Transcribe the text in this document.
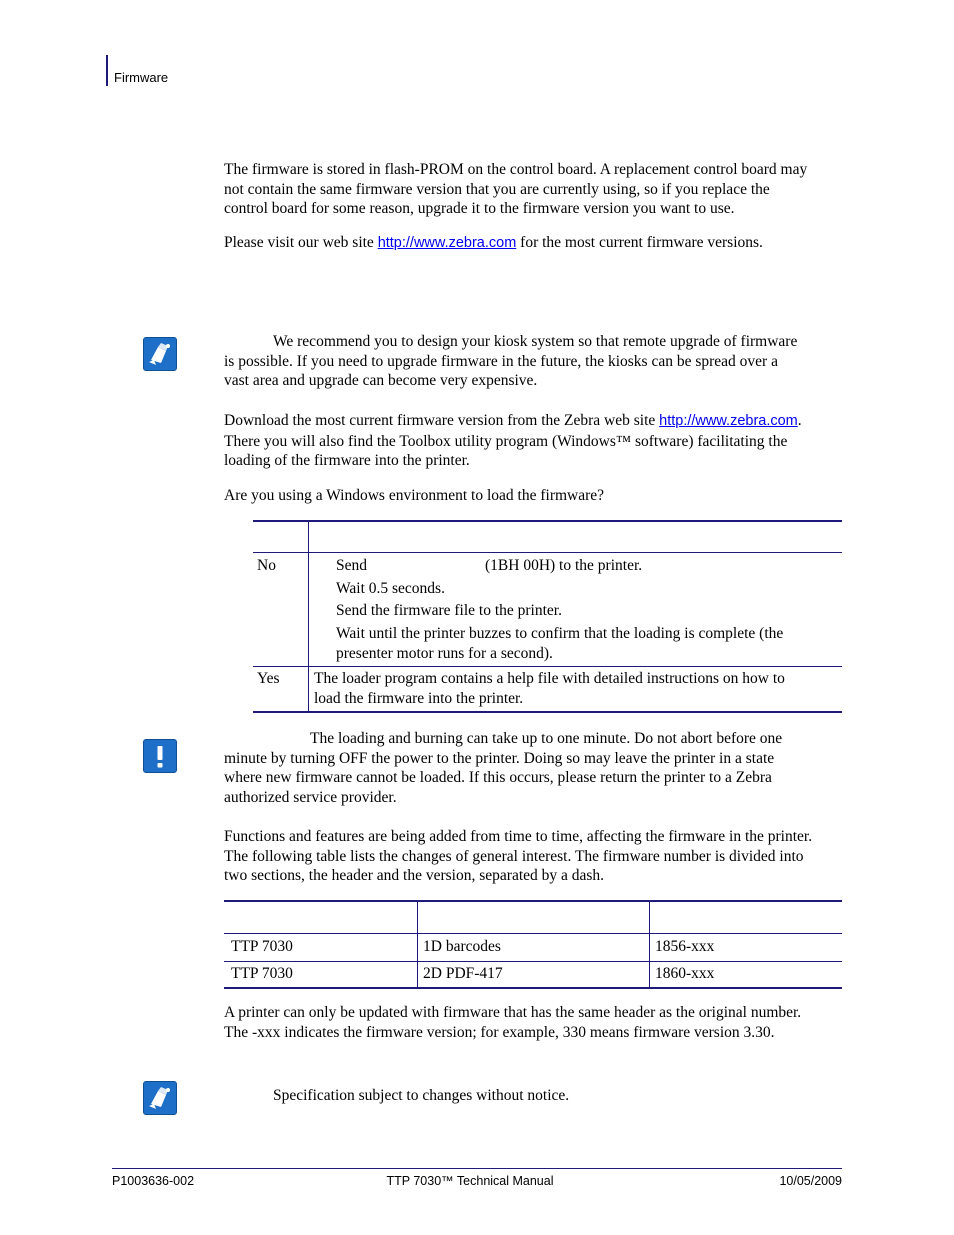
Firmware
The firmware is stored in flash-PROM on the control board. A replacement control board may
not contain the same firmware version that you are currently using, so if you replace the
control board for some reason, upgrade it to the firmware version you want to use.
Please visit our web site http://www.zebra.com for the most current firmware versions.
We recommend you to design your kiosk system so that remote upgrade of firmware
is possible. If you need to upgrade firmware in the future, the kiosks can be spread over a
vast area and upgrade can become very expensive.
Download the most current firmware version from the Zebra web site http://www.zebra.com.
There you will also find the Toolbox utility program (Windows™ software) facilitating the
loading of the firmware into the printer.
Are you using a Windows environment to load the firmware?
No	Send	(1BH 00H) to the printer.
Wait 0.5 seconds.
Send the firmware file to the printer.
Wait until the printer buzzes to confirm that the loading is complete (the
presenter motor runs for a second).
Yes The loader program contains a help file with detailed instructions on how to
load the firmware into the printer.
The loading and burning can take up to one minute. Do not abort before one
minute by turning OFF the power to the printer. Doing so may leave the printer in a state
where new firmware cannot be loaded. If this occurs, please return the printer to a Zebra
authorized service provider.
Functions and features are being added from time to time, affecting the firmware in the printer.
The following table lists the changes of general interest. The firmware number is divided into
two sections, the header and the version, separated by a dash.
TTP 7030	1D barcodes	1856-xxx
TTP 7030	2D PDF-417	1860-xxx
A printer can only be updated with firmware that has the same header as the original number.
The -xxx indicates the firmware version; for example, 330 means firmware version 3.30.
Specification subject to changes without notice.
P1003636-002	TTP 7030™ Technical Manual	10/05/2009
